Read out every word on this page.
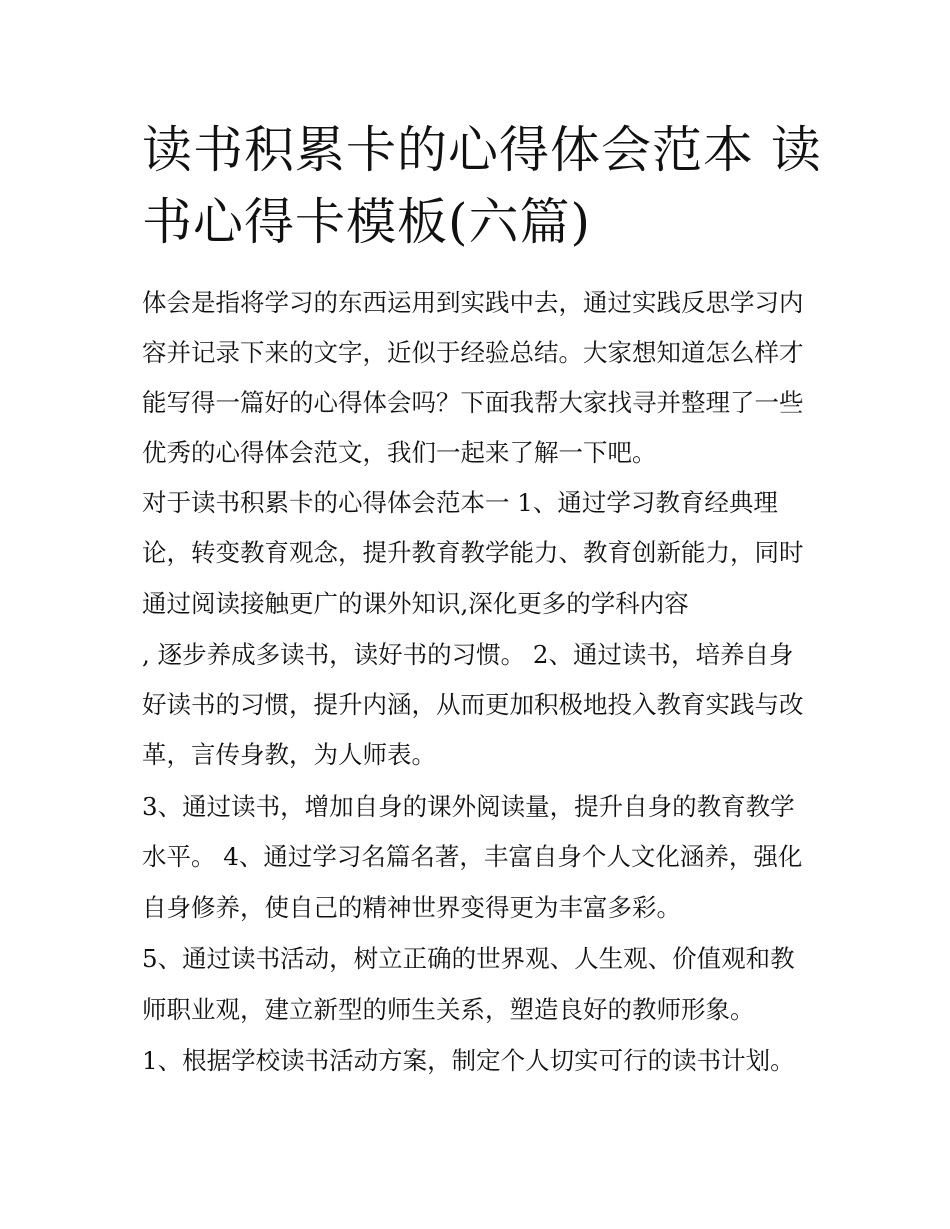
读书积累卡的心得体会范本 读
书心得卡模板(六篇)
体会是指将学习的东西运用到实践中去，通过实践反思学习内
容并记录下来的文字，近似于经验总结。大家想知道怎么样才
能写得一篇好的心得体会吗？下面我帮大家找寻并整理了一些
优秀的心得体会范文，我们一起来了解一下吧。
对于读书积累卡的心得体会范本一 1、通过学习教育经典理
论，转变教育观念，提升教育教学能力、教育创新能力，同时
通过阅读接触更广的课外知识,深化更多的学科内容
, 逐步养成多读书，读好书的习惯。 2、通过读书，培养自身
好读书的习惯，提升内涵，从而更加积极地投入教育实践与改
革，言传身教，为人师表。
3、通过读书，增加自身的课外阅读量，提升自身的教育教学
水平。 4、通过学习名篇名著，丰富自身个人文化涵养，强化
自身修养，使自己的精神世界变得更为丰富多彩。
5、通过读书活动，树立正确的世界观、人生观、价值观和教
师职业观，建立新型的师生关系，塑造良好的教师形象。
1、根据学校读书活动方案，制定个人切实可行的读书计划。
